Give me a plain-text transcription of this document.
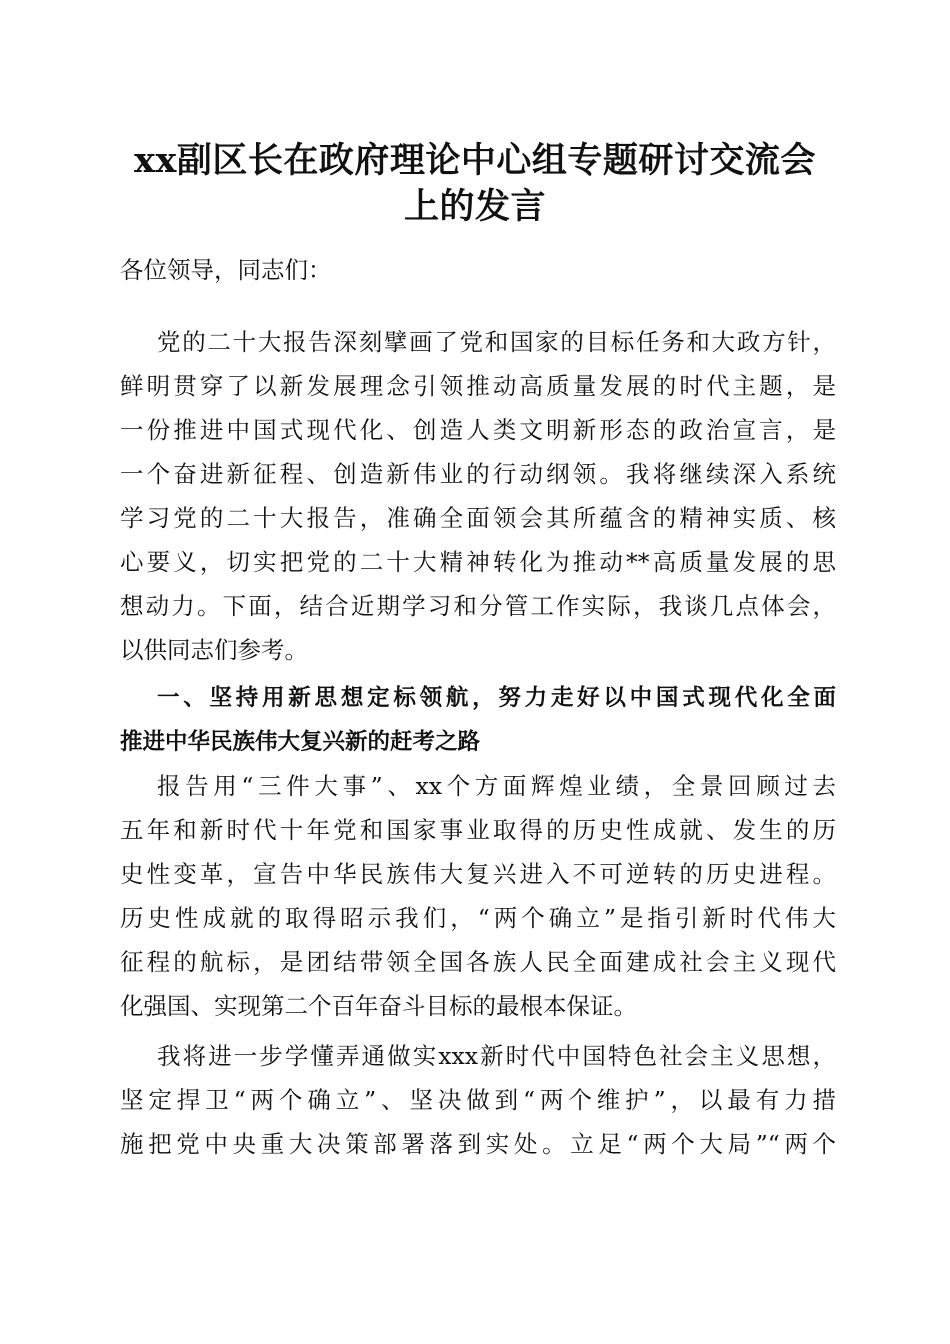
xx副区长在政府理论中心组专题研讨交流会
上的发言
各位领导，同志们：
党的二十大报告深刻擘画了党和国家的目标任务和大政方针，
鲜明贯穿了以新发展理念引领推动高质量发展的时代主题，是
一份推进中国式现代化、创造人类文明新形态的政治宣言，是
一个奋进新征程、创造新伟业的行动纲领。我将继续深入系统
学习党的二十大报告，准确全面领会其所蕴含的精神实质、核
心要义，切实把党的二十大精神转化为推动**高质量发展的思
想动力。下面，结合近期学习和分管工作实际，我谈几点体会，
以供同志们参考。
一、坚持用新思想定标领航，努力走好以中国式现代化全面
推进中华民族伟大复兴新的赶考之路
报告用“三件大事”、xx个方面辉煌业绩，全景回顾过去
五年和新时代十年党和国家事业取得的历史性成就、发生的历
史性变革，宣告中华民族伟大复兴进入不可逆转的历史进程。
历史性成就的取得昭示我们，“两个确立”是指引新时代伟大
征程的航标，是团结带领全国各族人民全面建成社会主义现代
化强国、实现第二个百年奋斗目标的最根本保证。
我将进一步学懂弄通做实xxx新时代中国特色社会主义思想，
坚定捍卫“两个确立”、坚决做到“两个维护”，以最有力措
施把党中央重大决策部署落到实处。立足“两个大局”“两个
